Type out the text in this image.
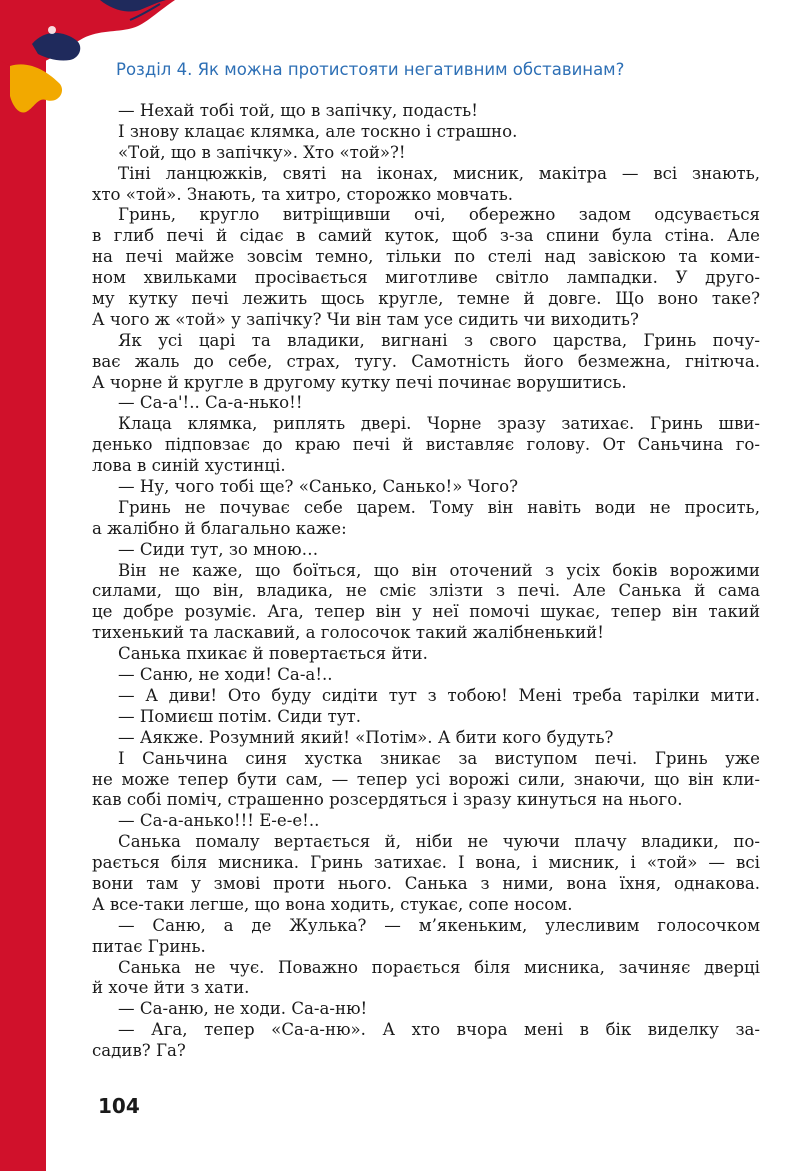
Розділ 4. Як можна протистояти негативним обставинам?
— Нехай тобі той, що в запічку, подасть!
І знову клацає клямка, але тоскно і страшно.
«Той, що в запічку». Хто «той»?!
Тіні ланцюжків, святі на іконах, мисник, макітра — всі знають,
хто «той». Знають, та хитро, сторожко мовчать.
Гринь, кругло витріщивши очі, обережно задом одсувається
в глиб печі й сідає в самий куток, щоб з-за спини була стіна. Але
на печі майже зовсім темно, тільки по стелі над завіскою та коми-
ном хвильками просівається миготливе світло лампадки. У друго-
му кутку печі лежить щось кругле, темне й довге. Що воно таке?
А чого ж «той» у запічку? Чи він там усе сидить чи виходить?
Як усі царі та владики, вигнані з свого царства, Гринь почу-
ває жаль до себе, страх, тугу. Самотність його безмежна, гнітюча.
А чорне й кругле в другому кутку печі починає ворушитись.
— Са-а'!.. Са-а-нько!!
Клаца клямка, риплять двері. Чорне зразу затихає. Гринь шви-
денько підповзає до краю печі й виставляє голову. От Саньчина го-
лова в синій хустинці.
— Ну, чого тобі ще? «Санько, Санько!» Чого?
Гринь не почуває себе царем. Тому він навіть води не просить,
а жалібно й благально каже:
— Сиди тут, зо мною…
Він не каже, що боїться, що він оточений з усіх боків ворожими
силами, що він, владика, не сміє злізти з печі. Але Санька й сама
це добре розуміє. Ага, тепер він у неї помочі шукає, тепер він такий
тихенький та ласкавий, а голосочок такий жалібненький!
Санька пхикає й повертається йти.
— Саню, не ходи! Са-а!..
— А диви! Ото буду сидіти тут з тобою! Мені треба тарілки мити.
— Помиєш потім. Сиди тут.
— Аякже. Розумний який! «Потім». А бити кого будуть?
І Саньчина синя хустка зникає за виступом печі. Гринь уже
не може тепер бути сам, — тепер усі ворожі сили, знаючи, що він кли-
кав собі поміч, страшенно розсердяться і зразу кинуться на нього.
— Са-а-анько!!! Е-е-е!..
Санька помалу вертається й, ніби не чуючи плачу владики, по-
рається біля мисника. Гринь затихає. І вона, і мисник, і «той» — всі
вони там у змові проти нього. Санька з ними, вона їхня, однакова.
А все-таки легше, що вона ходить, стукає, сопе носом.
— Саню, а де Жулька? — м’якеньким, улесливим голосочком
питає Гринь.
Санька не чує. Поважно порається біля мисника, зачиняє дверці
й хоче йти з хати.
— Са-аню, не ходи. Са-а-ню!
— Ага, тепер «Са-а-ню». А хто вчора мені в бік виделку за-
садив? Га?
104
